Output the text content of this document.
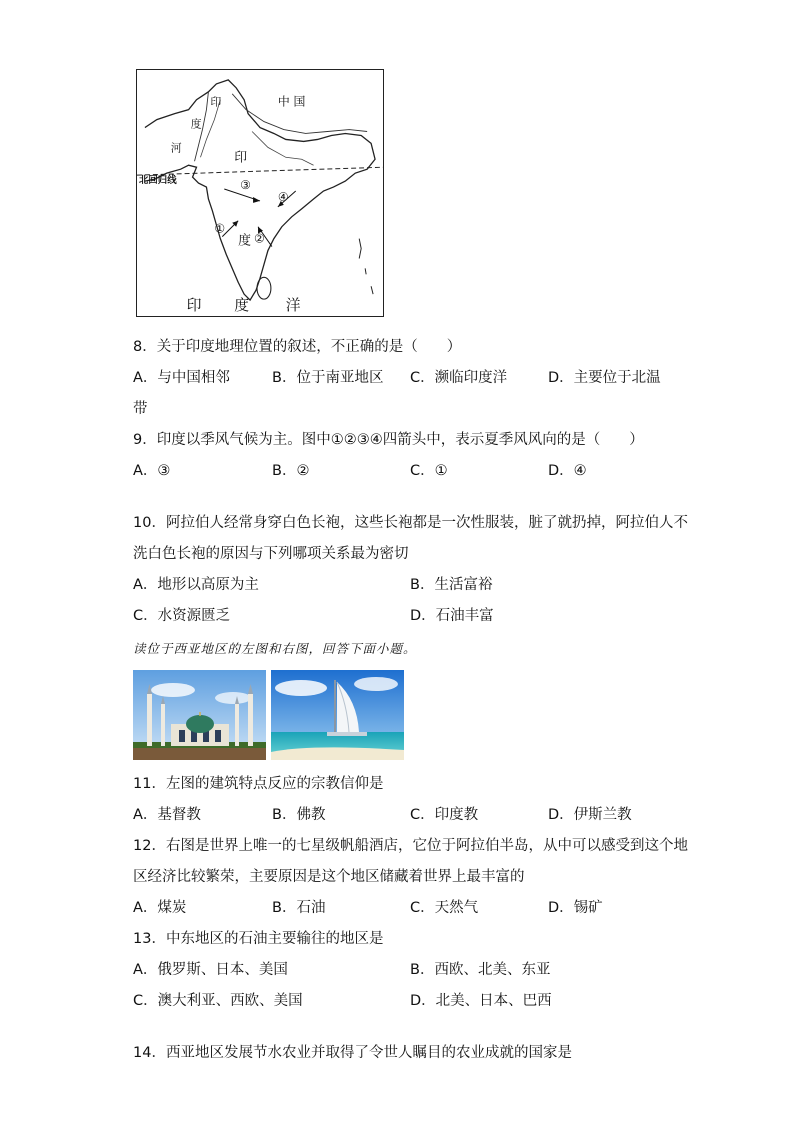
中 国
印
度
河
印
度
北回归线
①
②
③
④
印 度 洋
8．关于印度地理位置的叙述，不正确的是（　　）
A．与中国相邻	B．位于南亚地区 C．濒临印度洋	D．主要位于北温
带
9．印度以季风气候为主。图中①②③④四箭头中，表示夏季风风向的是（　　）
A．③	B．②	C．①	D．④
10．阿拉伯人经常身穿白色长袍，这些长袍都是一次性服装，脏了就扔掉，阿拉伯人不
洗白色长袍的原因与下列哪项关系最为密切
A．地形以高原为主	B．生活富裕
C．水资源匮乏	D．石油丰富
读位于西亚地区的左图和右图，回答下面小题。
11．左图的建筑特点反应的宗教信仰是
A．基督教	B．佛教	C．印度教	D．伊斯兰教
12．右图是世界上唯一的七星级帆船酒店，它位于阿拉伯半岛，从中可以感受到这个地
区经济比较繁荣，主要原因是这个地区储藏着世界上最丰富的
A．煤炭	B．石油	C．天然气	D．锡矿
13．中东地区的石油主要输往的地区是
A．俄罗斯、日本、美国	B．西欧、北美、东亚
C．澳大利亚、西欧、美国	D．北美、日本、巴西
14．西亚地区发展节水农业并取得了令世人瞩目的农业成就的国家是
